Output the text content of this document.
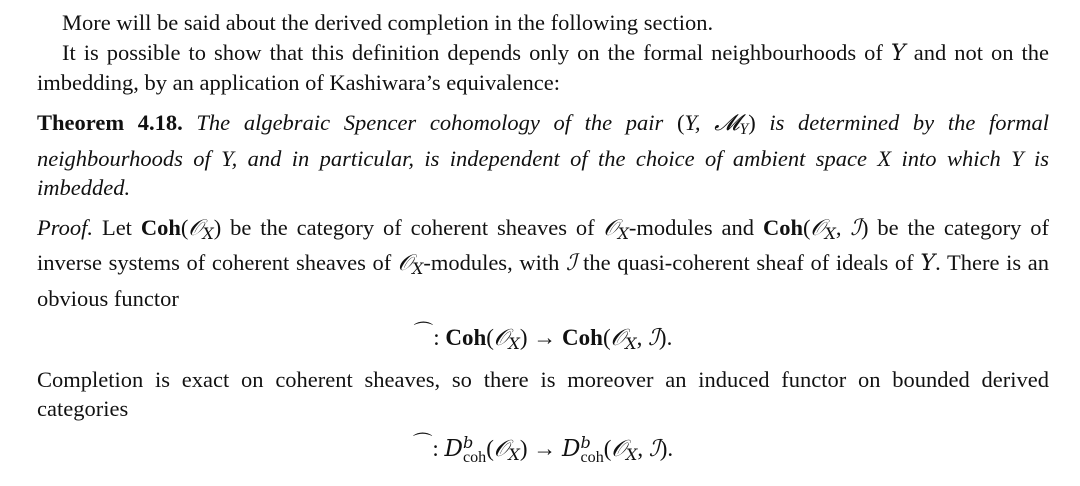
More will be said about the derived completion in the following section.

It is possible to show that this definition depends only on the formal neighbourhoods of Y and not on the imbedding, by an application of Kashiwara’s equivalence:

Theorem 4.18. The algebraic Spencer cohomology of the pair (Y, 𝓜$_Y$) is determined by the formal neighbourhoods of Y, and in particular, is independent of the choice of ambient space X into which Y is imbedded.

Proof. Let Coh(𝒪$_X$) be the category of coherent sheaves of 𝒪$_X$-modules and Coh(𝒪$_X$, ℐ) be the category of inverse systems of coherent sheaves of 𝒪$_X$-modules, with ℐ the quasi-coherent sheaf of ideals of Y. There is an obvious functor

⌒: Coh(𝒪$_X$) → Coh(𝒪$_X$, ℐ).

Completion is exact on coherent sheaves, so there is moreover an induced functor on bounded derived categories

⌒: D b
coh (𝒪$_X$) → D b
coh (𝒪$_X$, ℐ).
